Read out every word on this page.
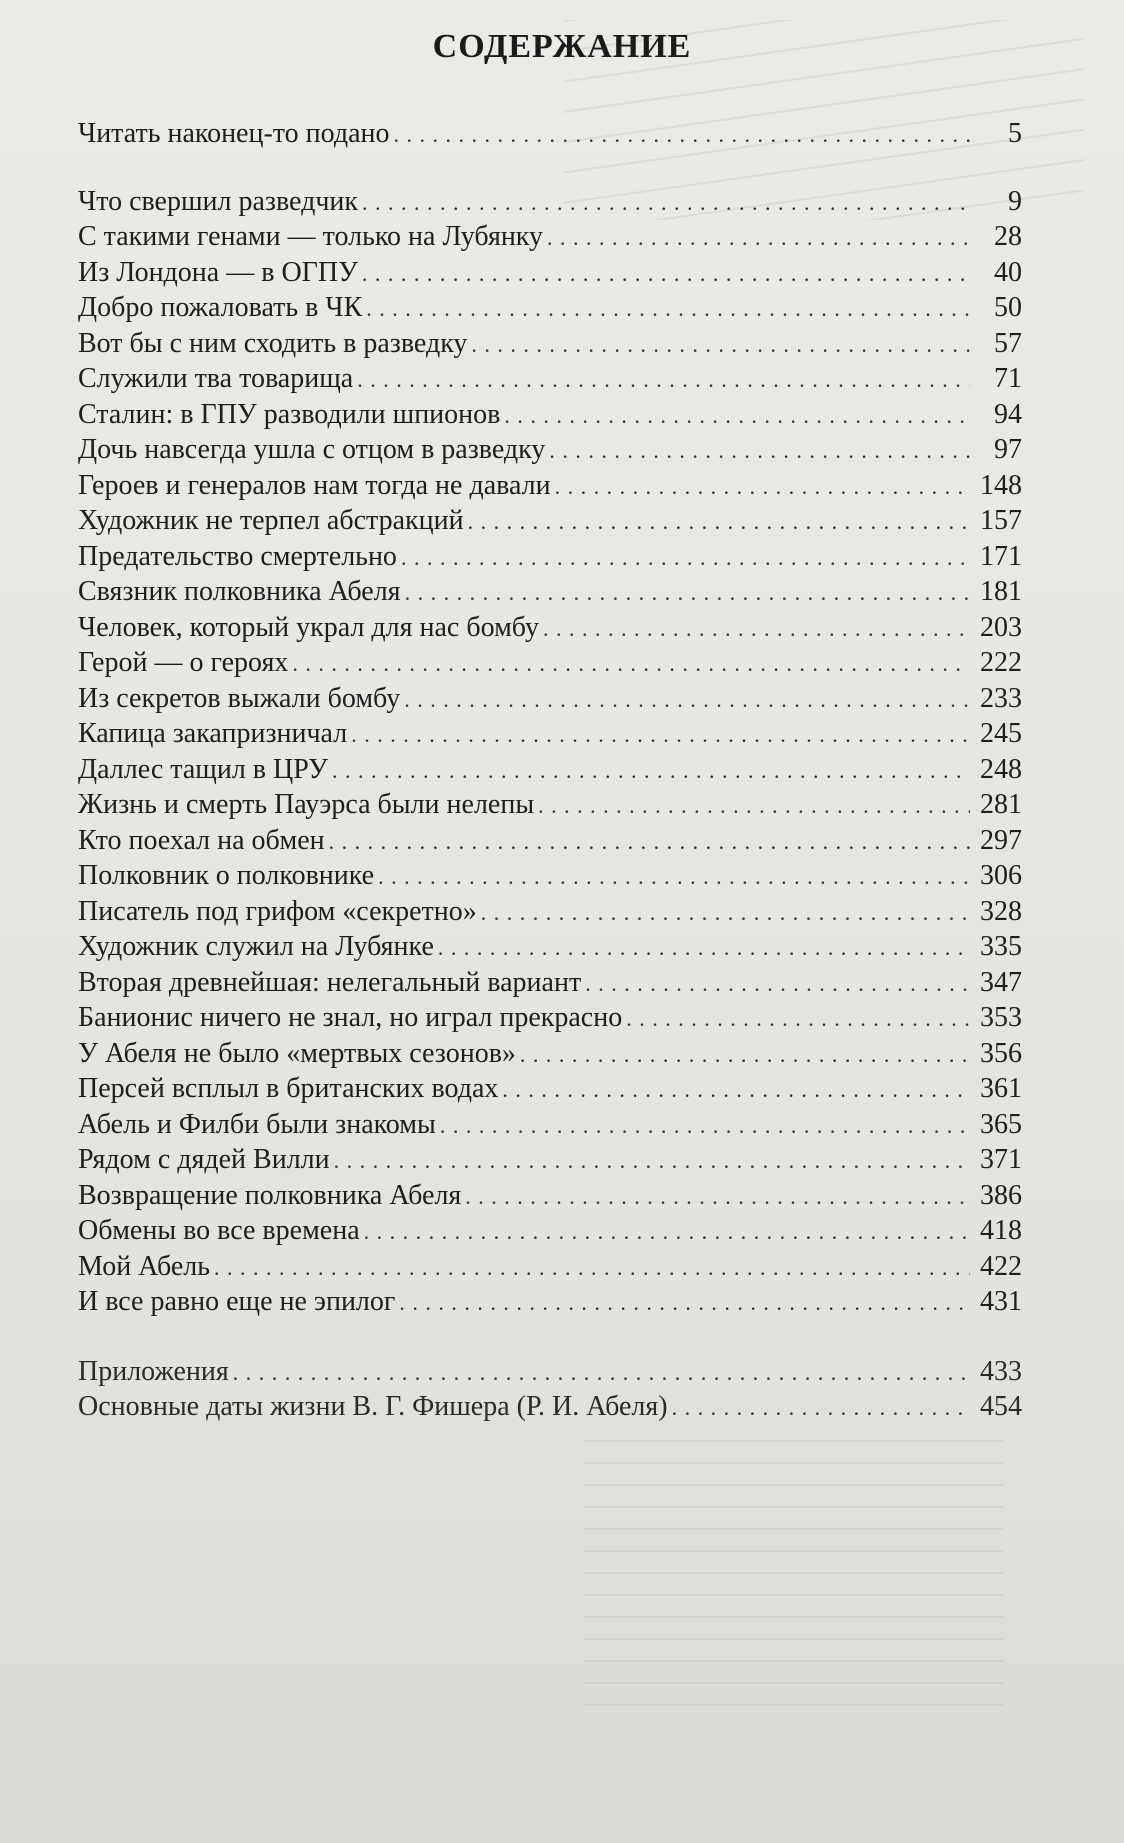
СОДЕРЖАНИЕ
Читать наконец-то подано . . .	5
Что свершил разведчик . . .	9
С такими генами — только на Лубянку . . .	28
Из Лондона — в ОГПУ . . .	40
Добро пожаловать в ЧК . . .	50
Вот бы с ним сходить в разведку . . .	57
Служили тва товарища . . .	71
Сталин: в ГПУ разводили шпионов . . .	94
Дочь навсегда ушла с отцом в разведку . . .	97
Героев и генералов нам тогда не давали . . .	148
Художник не терпел абстракций . . .	157
Предательство смертельно . . .	171
Связник полковника Абеля . . .	181
Человек, который украл для нас бомбу . . .	203
Герой — о героях . . .	222
Из секретов выжали бомбу . . .	233
Капица закапризничал . . .	245
Даллес тащил в ЦРУ . . .	248
Жизнь и смерть Пауэрса были нелепы . . .	281
Кто поехал на обмен . . .	297
Полковник о полковнике . . .	306
Писатель под грифом «секретно» . . .	328
Художник служил на Лубянке . . .	335
Вторая древнейшая: нелегальный вариант . . .	347
Банионис ничего не знал, но играл прекрасно . . .	353
У Абеля не было «мертвых сезонов» . . .	356
Персей всплыл в британских водах . . .	361
Абель и Филби были знакомы . . .	365
Рядом с дядей Вилли . . .	371
Возвращение полковника Абеля . . .	386
Обмены во все времена . . .	418
Мой Абель . . .	422
И все равно еще не эпилог . . .	431
Приложения . . .	433
Основные даты жизни В. Г. Фишера (Р. И. Абеля) . . .	454
